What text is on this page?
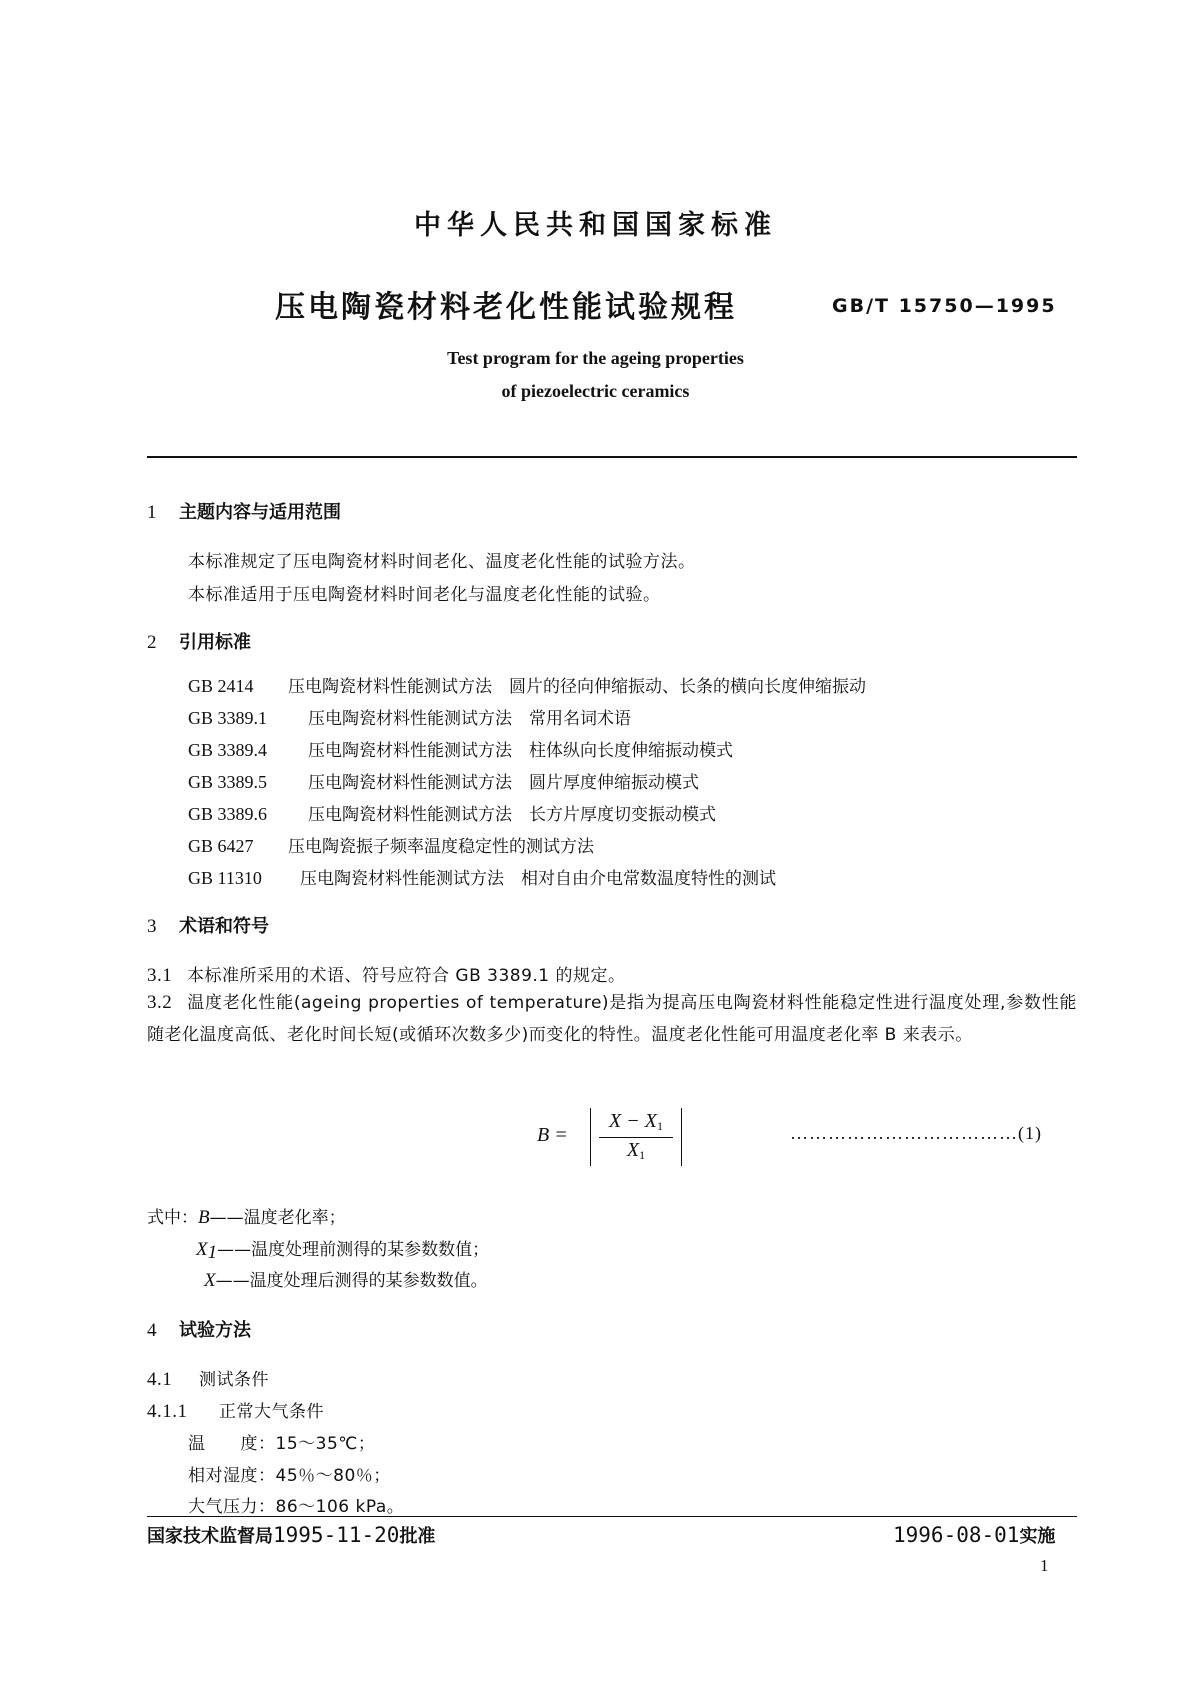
中华人民共和国国家标准
压电陶瓷材料老化性能试验规程	GB/T 15750—1995
Test program for the ageing properties
of piezoelectric ceramics
1 主题内容与适用范围
本标准规定了压电陶瓷材料时间老化、温度老化性能的试验方法。
本标准适用于压电陶瓷材料时间老化与温度老化性能的试验。
2 引用标准
GB 2414 压电陶瓷材料性能测试方法　圆片的径向伸缩振动、长条的横向长度伸缩振动
GB 3389.1 压电陶瓷材料性能测试方法　常用名词术语
GB 3389.4 压电陶瓷材料性能测试方法　柱体纵向长度伸缩振动模式
GB 3389.5 压电陶瓷材料性能测试方法　圆片厚度伸缩振动模式
GB 3389.6 压电陶瓷材料性能测试方法　长方片厚度切变振动模式
GB 6427 压电陶瓷振子频率温度稳定性的测试方法
GB 11310 压电陶瓷材料性能测试方法　相对自由介电常数温度特性的测试
3 术语和符号
3.1 本标准所采用的术语、符号应符合 GB 3389.1 的规定。
3.2 温度老化性能(ageing properties of temperature)是指为提高压电陶瓷材料性能稳定性进行温度处理,参数性能随老化温度高低、老化时间长短(或循环次数多少)而变化的特性。温度老化性能可用温度老化率 B 来表示。
B =
$X - X_1$
$X_1$
………………………………(1)
式中：B——温度老化率；
X1——温度处理前测得的某参数数值；
X——温度处理后测得的某参数数值。
4 试验方法
4.1 测试条件
4.1.1 正常大气条件
温　　度：15～35℃；
相对湿度：45％～80％；
大气压力：86～106 kPa。
国家技术监督局1995-11-20批准	1996-08-01实施
1
